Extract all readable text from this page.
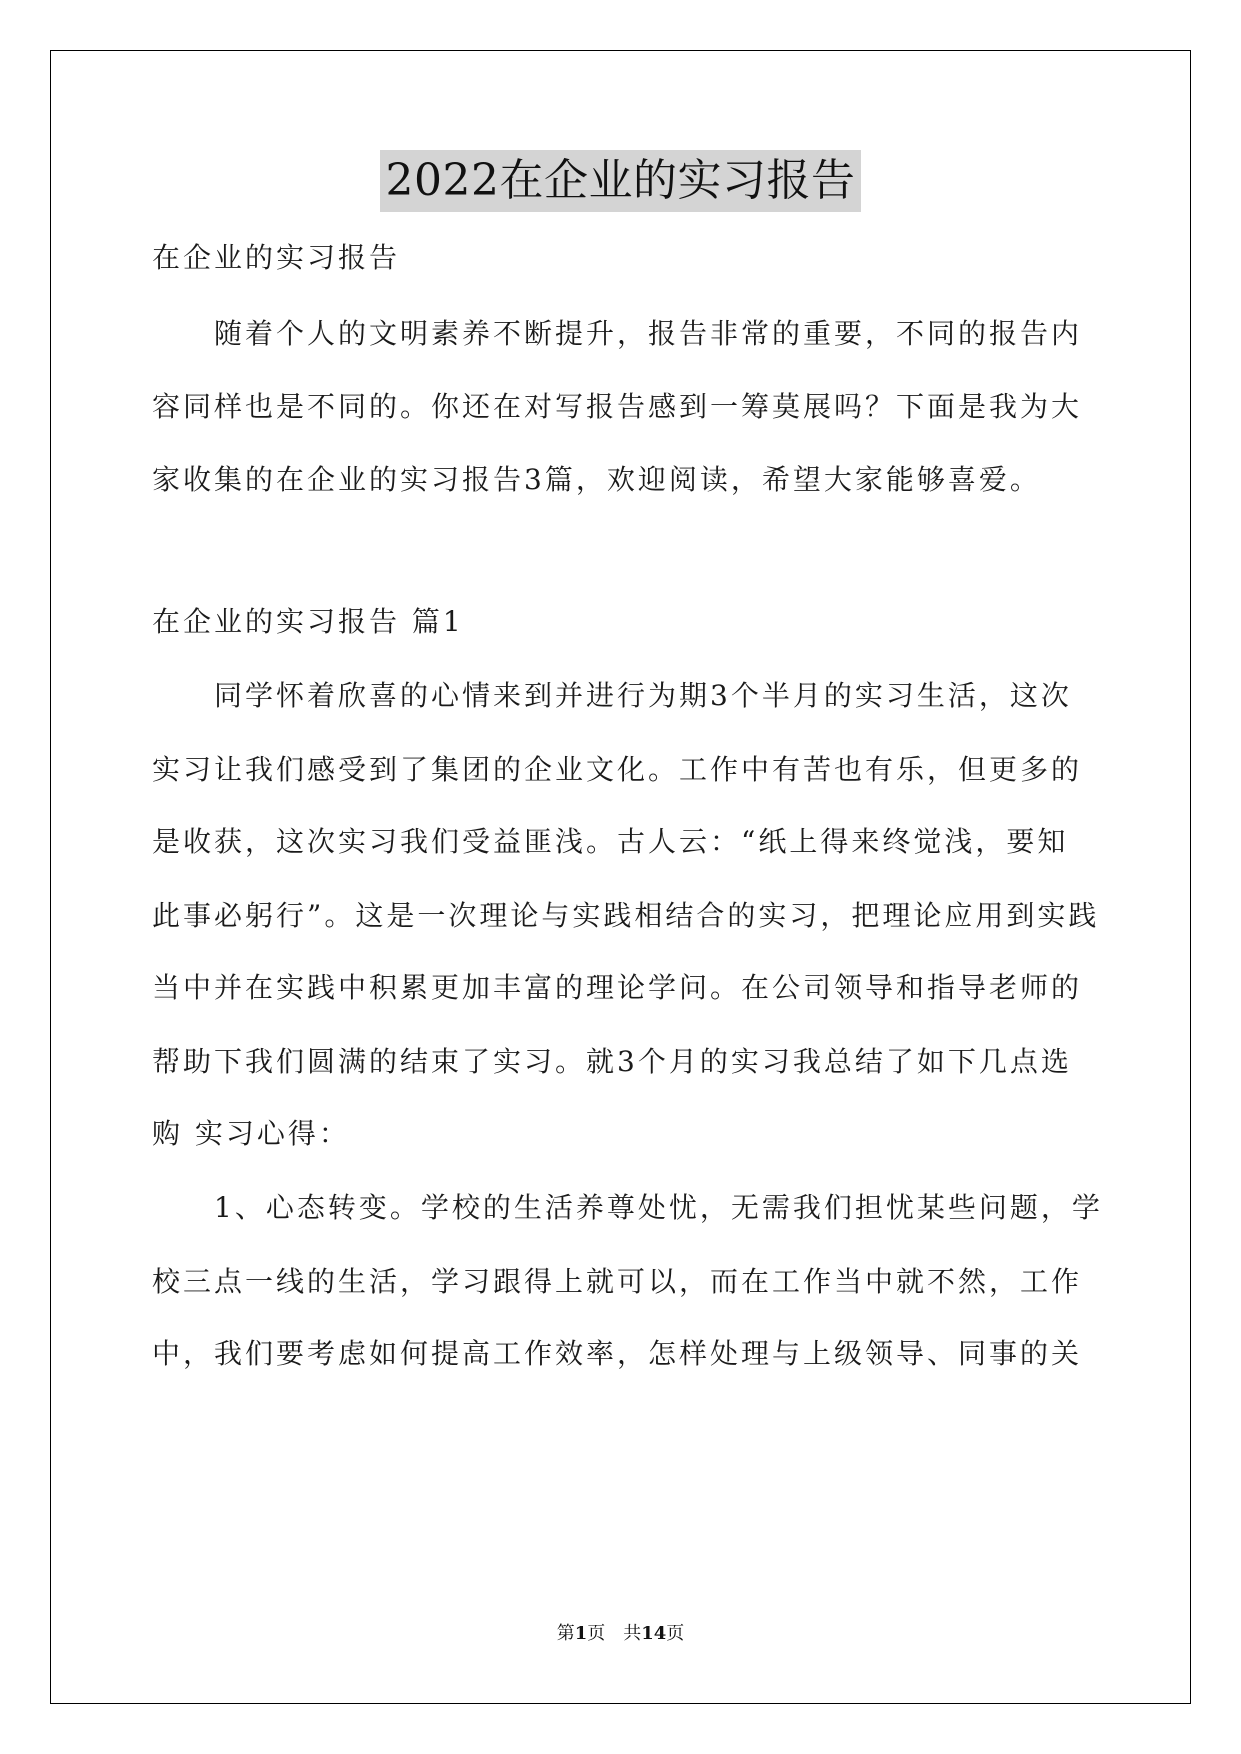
2022在企业的实习报告
在企业的实习报告
随着个人的文明素养不断提升，报告非常的重要，不同的报告内
容同样也是不同的。你还在对写报告感到一筹莫展吗？下面是我为大
家收集的在企业的实习报告3篇，欢迎阅读，希望大家能够喜爱。
在企业的实习报告 篇1
同学怀着欣喜的心情来到并进行为期3个半月的实习生活，这次
实习让我们感受到了集团的企业文化。工作中有苦也有乐，但更多的
是收获，这次实习我们受益匪浅。古人云：“纸上得来终觉浅，要知
此事必躬行”。这是一次理论与实践相结合的实习，把理论应用到实践
当中并在实践中积累更加丰富的理论学问。在公司领导和指导老师的
帮助下我们圆满的结束了实习。就3个月的实习我总结了如下几点选
购 实习心得：
1、心态转变。学校的生活养尊处忧，无需我们担忧某些问题，学
校三点一线的生活，学习跟得上就可以，而在工作当中就不然，工作
中，我们要考虑如何提高工作效率，怎样处理与上级领导、同事的关
第1页 共14页
